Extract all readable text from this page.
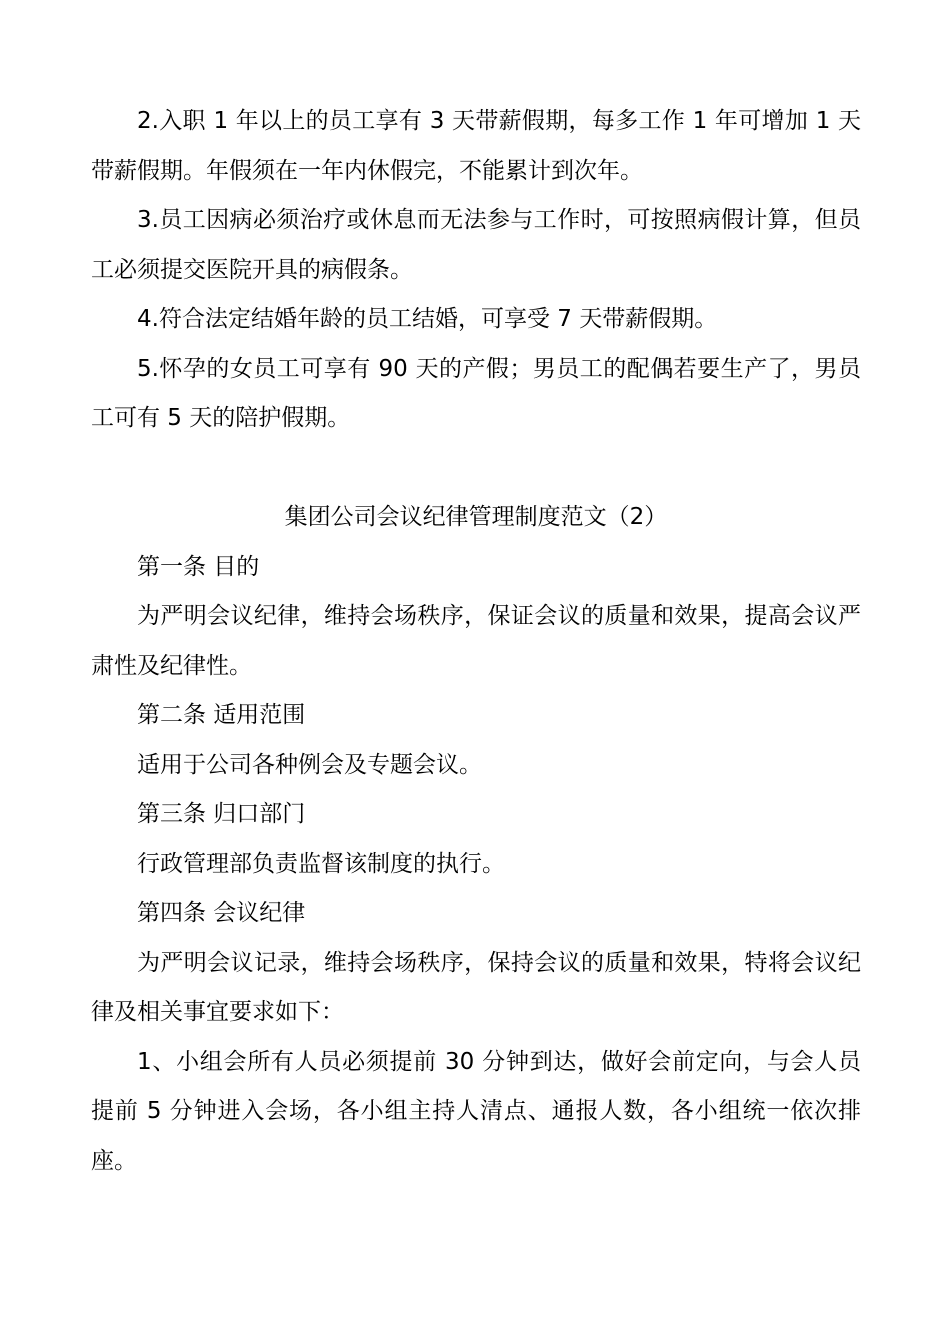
2.入职 1 年以上的员工享有 3 天带薪假期，每多工作 1 年可增加 1 天带薪假期。年假须在一年内休假完，不能累计到次年。

3.员工因病必须治疗或休息而无法参与工作时，可按照病假计算，但员工必须提交医院开具的病假条。

4.符合法定结婚年龄的员工结婚，可享受 7 天带薪假期。

5.怀孕的女员工可享有 90 天的产假；男员工的配偶若要生产了，男员工可有 5 天的陪护假期。

集团公司会议纪律管理制度范文（2）

第一条 目的

为严明会议纪律，维持会场秩序，保证会议的质量和效果，提高会议严肃性及纪律性。

第二条 适用范围

适用于公司各种例会及专题会议。

第三条 归口部门

行政管理部负责监督该制度的执行。

第四条 会议纪律

为严明会议记录，维持会场秩序，保持会议的质量和效果，特将会议纪律及相关事宜要求如下：

1、小组会所有人员必须提前 30 分钟到达，做好会前定向，与会人员提前 5 分钟进入会场，各小组主持人清点、通报人数，各小组统一依次排座。
